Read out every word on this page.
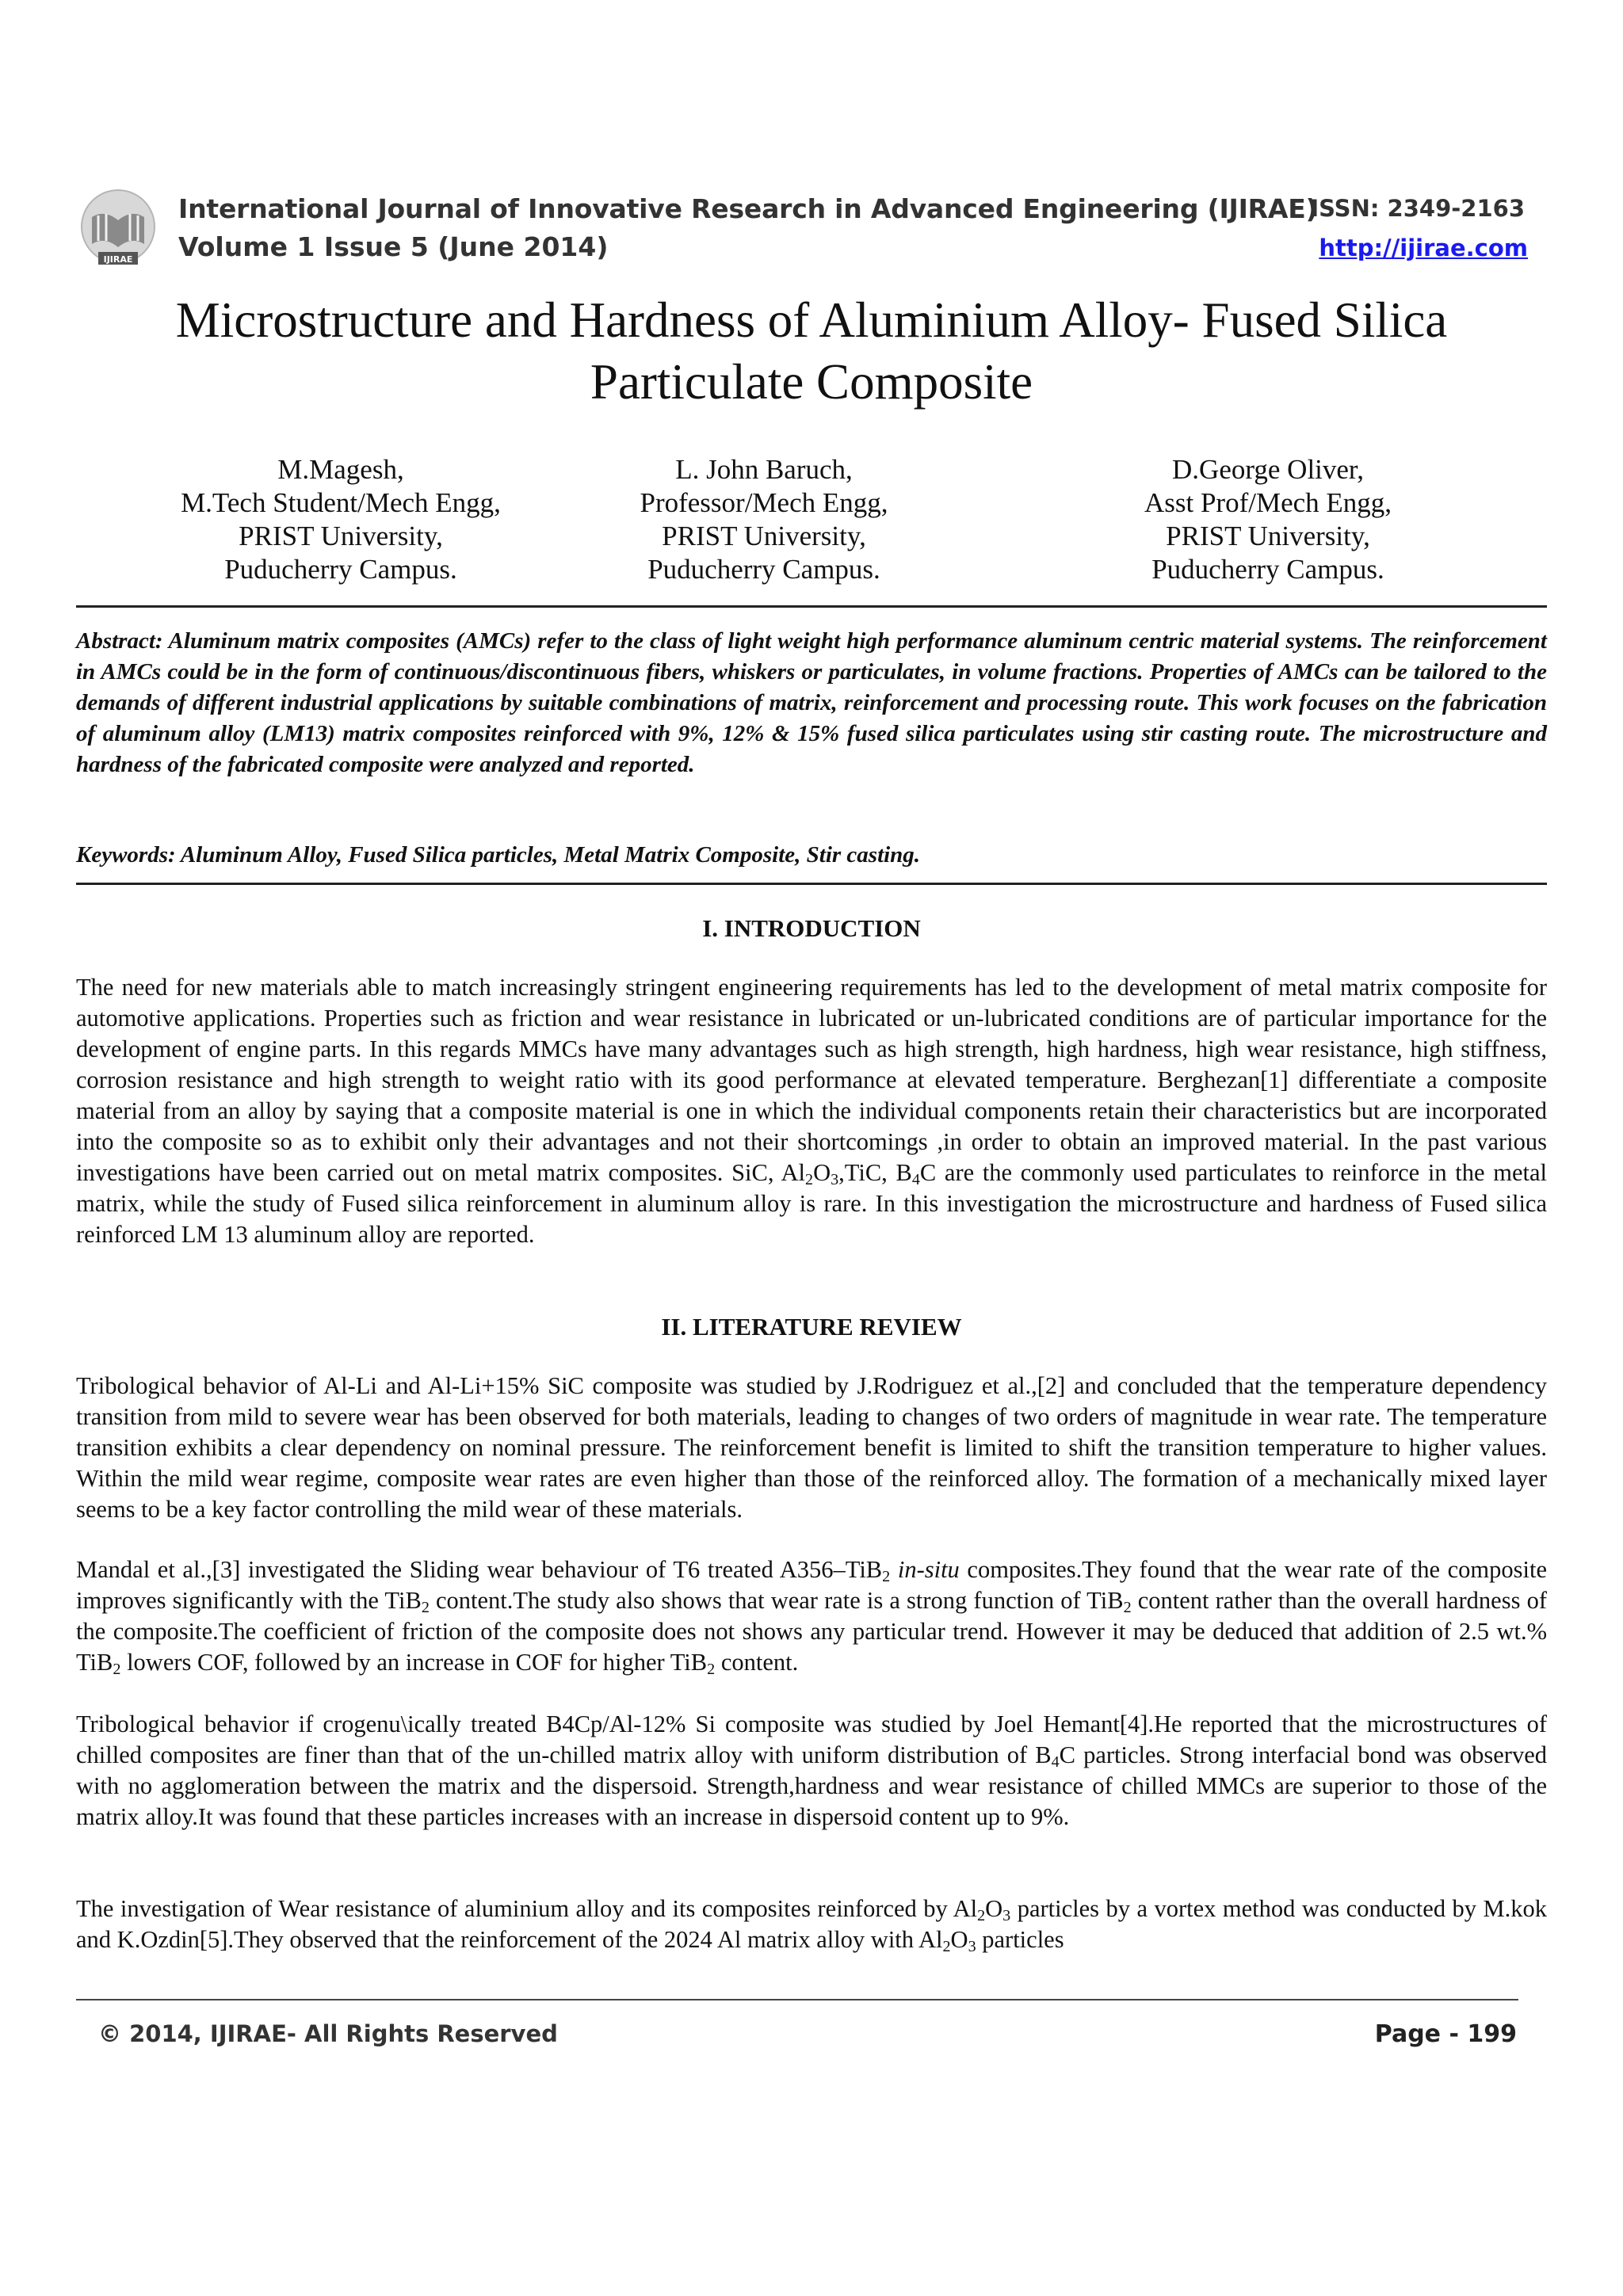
IJIRAE
International Journal of Innovative Research in Advanced Engineering (IJIRAE)
Volume 1 Issue 5 (June 2014)
ISSN: 2349-2163
http://ijirae.com
Microstructure and Hardness of Aluminium Alloy- Fused Silica
Particulate Composite
M.Magesh,
M.Tech Student/Mech Engg,
PRIST University,
Puducherry Campus.
L. John Baruch,
Professor/Mech Engg,
PRIST University,
Puducherry Campus.
D.George Oliver,
Asst Prof/Mech Engg,
PRIST University,
Puducherry Campus.
Abstract: Aluminum matrix composites (AMCs) refer to the class of light weight high performance aluminum centric material systems. The reinforcement in AMCs could be in the form of continuous/discontinuous fibers, whiskers or particulates, in volume fractions. Properties of AMCs can be tailored to the demands of different industrial applications by suitable combinations of matrix, reinforcement and processing route. This work focuses on the fabrication of aluminum alloy (LM13) matrix composites reinforced with 9%, 12% & 15% fused silica particulates using stir casting route. The microstructure and hardness of the fabricated composite were analyzed and reported.
Keywords: Aluminum Alloy, Fused Silica particles, Metal Matrix Composite, Stir casting.
I. INTRODUCTION
The need for new materials able to match increasingly stringent engineering requirements has led to the development of metal matrix composite for automotive applications. Properties such as friction and wear resistance in lubricated or un-lubricated conditions are of particular importance for the development of engine parts. In this regards MMCs have many advantages such as high strength, high hardness, high wear resistance, high stiffness, corrosion resistance and high strength to weight ratio with its good performance at elevated temperature. Berghezan[1] differentiate a composite material from an alloy by saying that a composite material is one in which the individual components retain their characteristics but are incorporated into the composite so as to exhibit only their advantages and not their shortcomings ,in order to obtain an improved material. In the past various investigations have been carried out on metal matrix composites. SiC, $Al_2O_3,TiC$, $B_4C$ are the commonly used particulates to reinforce in the metal matrix, while the study of Fused silica reinforcement in aluminum alloy is rare. In this investigation the microstructure and hardness of Fused silica reinforced LM 13 aluminum alloy are reported.
II. LITERATURE REVIEW
Tribological behavior of Al-Li and Al-Li+15% SiC composite was studied by J.Rodriguez et al.,[2] and concluded that the temperature dependency transition from mild to severe wear has been observed for both materials, leading to changes of two orders of magnitude in wear rate. The temperature transition exhibits a clear dependency on nominal pressure. The reinforcement benefit is limited to shift the transition temperature to higher values. Within the mild wear regime, composite wear rates are even higher than those of the reinforced alloy. The formation of a mechanically mixed layer seems to be a key factor controlling the mild wear of these materials.
Mandal et al.,[3] investigated the Sliding wear behaviour of T6 treated A356–TiB$_2$ in-situ composites.They found that the wear rate of the composite improves significantly with the TiB$_2$ content.The study also shows that wear rate is a strong function of TiB$_2$ content rather than the overall hardness of the composite.The coefficient of friction of the composite does not shows any particular trend. However it may be deduced that addition of 2.5 wt.% TiB$_2$ lowers COF, followed by an increase in COF for higher TiB$_2$ content.
Tribological behavior if crogenu\ically treated B4Cp/Al-12% Si composite was studied by Joel Hemant[4].He reported that the microstructures of chilled composites are finer than that of the un-chilled matrix alloy with uniform distribution of $B_4C$ particles. Strong interfacial bond was observed with no agglomeration between the matrix and the dispersoid. Strength,hardness and wear resistance of chilled MMCs are superior to those of the matrix alloy.It was found that these particles increases with an increase in dispersoid content up to 9%.
The investigation of Wear resistance of aluminium alloy and its composites reinforced by $Al_2O_3$ particles by a vortex method was conducted by M.kok and K.Ozdin[5].They observed that the reinforcement of the 2024 Al matrix alloy with $Al_2O_3$ particles
© 2014, IJIRAE- All Rights Reserved	Page - 199
